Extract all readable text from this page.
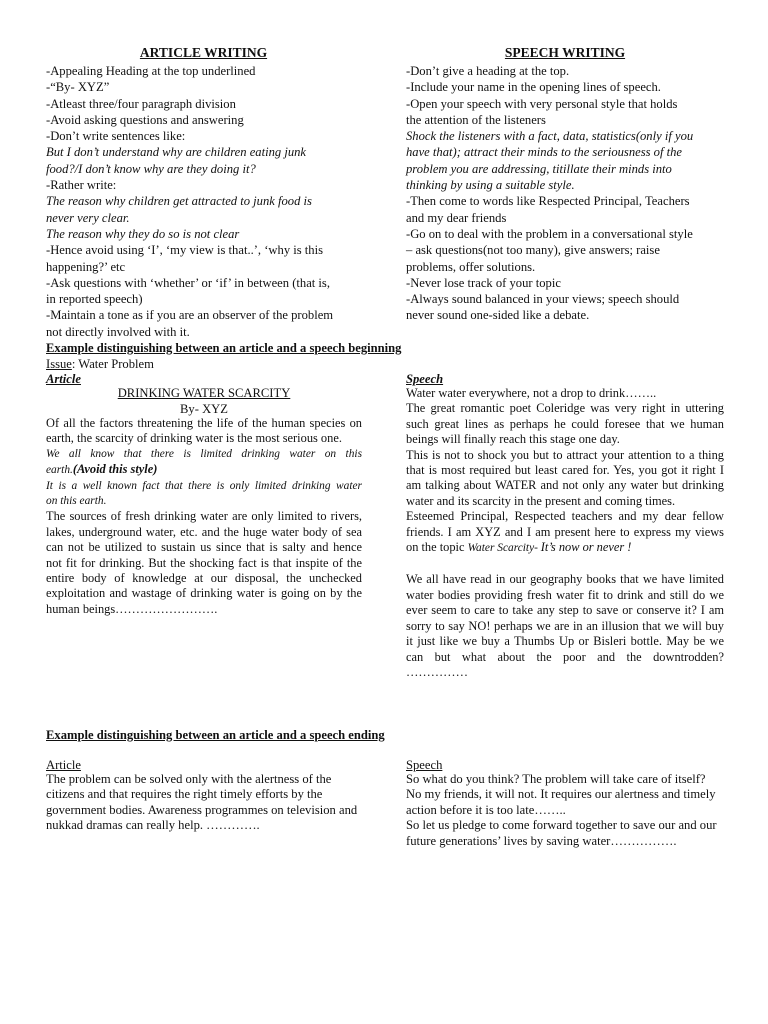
ARTICLE WRITING
-Appealing Heading at the top underlined
-“By- XYZ”
-Atleast three/four paragraph division
-Avoid asking questions and answering
-Don’t write sentences like:
But I don’t understand why are children eating junk
food?/I don’t know why are they doing it?
-Rather write:
The reason why children get attracted to junk food is
never very clear.
The reason why they do so is not clear
-Hence avoid using ‘I’, ‘my view is that..’, ‘why is this
happening?’ etc
-Ask questions with ‘whether’ or ‘if’ in between (that is,
in reported speech)
-Maintain a tone as if you are an observer of the problem
not directly involved with it.
SPEECH WRITING
-Don’t give a heading at the top.
-Include your name in the opening lines of speech.
-Open your speech with very personal style that holds
the attention of the listeners
Shock the listeners with a fact, data, statistics(only if you
have that); attract their minds to the seriousness of the
problem you are addressing, titillate their minds into
thinking by using a suitable style.
-Then come to words like Respected Principal, Teachers
and my dear friends
-Go on to deal with the problem in a conversational style
– ask questions(not too many), give answers; raise
problems, offer solutions.
-Never lose track of your topic
-Always sound balanced in your views; speech should
never sound one-sided like a debate.
Example distinguishing between an article and a speech beginning
Issue: Water Problem
Article
DRINKING WATER SCARCITY
By- XYZ
Of all the factors threatening the life of the human species on
earth, the scarcity of drinking water is the most serious one.
We all know that there is limited drinking water on this
earth.(Avoid this style)
It is a well known fact that there is only limited drinking water
on this earth.
The sources of fresh drinking water are only limited to rivers,
lakes, underground water, etc. and the huge water body of sea
can not be utilized to sustain us since that is salty and hence
not fit for drinking. But the shocking fact is that inspite of the
entire body of knowledge at our disposal, the unchecked
exploitation and wastage of drinking water is going on by the
human beings…………………….
Speech
Water water everywhere, not a drop to drink……..
The great romantic poet Coleridge was very right in uttering
such great lines as perhaps he could foresee that we human
beings will finally reach this stage one day.
This is not to shock you but to attract your attention to a thing
that is most required but least cared for. Yes, you got it right I
am talking about WATER and not only any water but drinking
water and its scarcity in the present and coming times.
Esteemed Principal, Respected teachers and my dear fellow
friends. I am XYZ and I am present here to express my views
on the topic Water Scarcity- It’s now or never !
We all have read in our geography books that we have limited
water bodies providing fresh water fit to drink and still do we
ever seem to care to take any step to save or conserve it? I am
sorry to say NO! perhaps we are in an illusion that we will buy
it just like we buy a Thumbs Up or Bisleri bottle. May be we
can but what about the poor and the downtrodden?
……………
Example distinguishing between an article and a speech ending
Article
The problem can be solved only with the alertness of the
citizens and that requires the right timely efforts by the
government bodies. Awareness programmes on television and
nukkad dramas can really help. ………….
Speech
So what do you think? The problem will take care of itself?
No my friends, it will not. It requires our alertness and timely
action before it is too late……..
So let us pledge to come forward together to save our and our
future generations’ lives by saving water…………….
